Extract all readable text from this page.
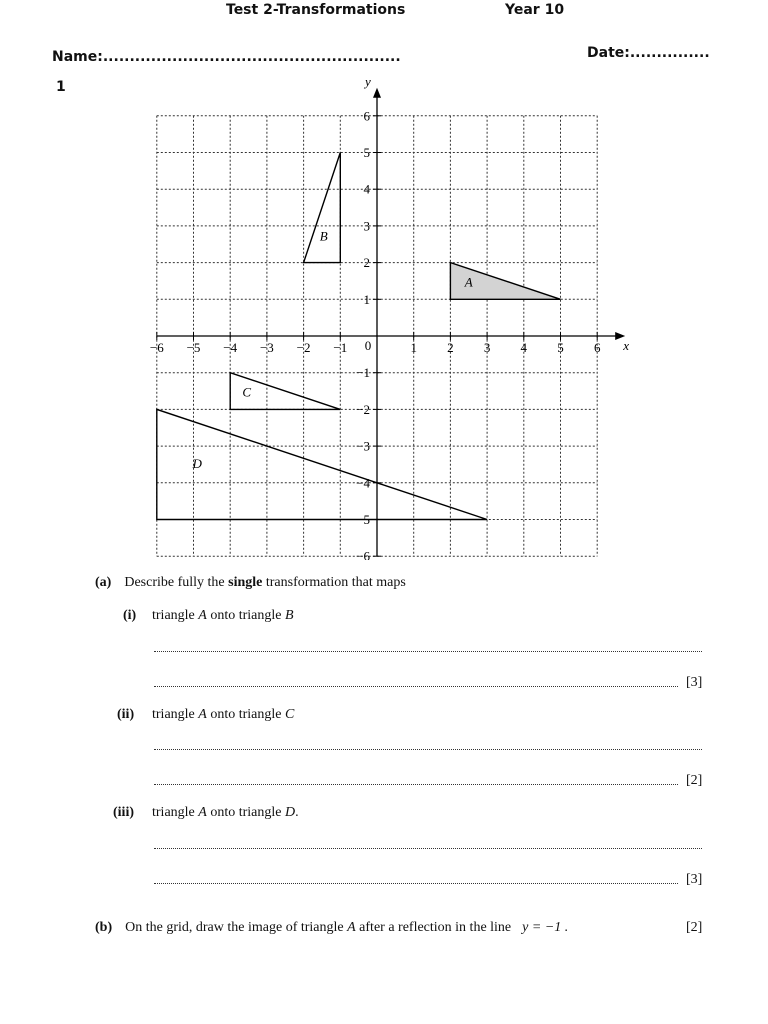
Test 2-Transformations	Year 10
Name:........................................................	Date:...............
1
−6 −5 −4 −3 −2 −1	1 2 3 4 5 6
6
5
4
3
2
1
−1
−2
−3
−4
−5
−6
0	x
y
A
B
C
D
(a) Describe fully the single transformation that maps
(i) triangle A onto triangle B
[3]
(ii) triangle A onto triangle C
[2]
(iii) triangle A onto triangle D.
[3]
(b) On the grid, draw the image of triangle A after a reflection in the line  y = −1 .	[2]
